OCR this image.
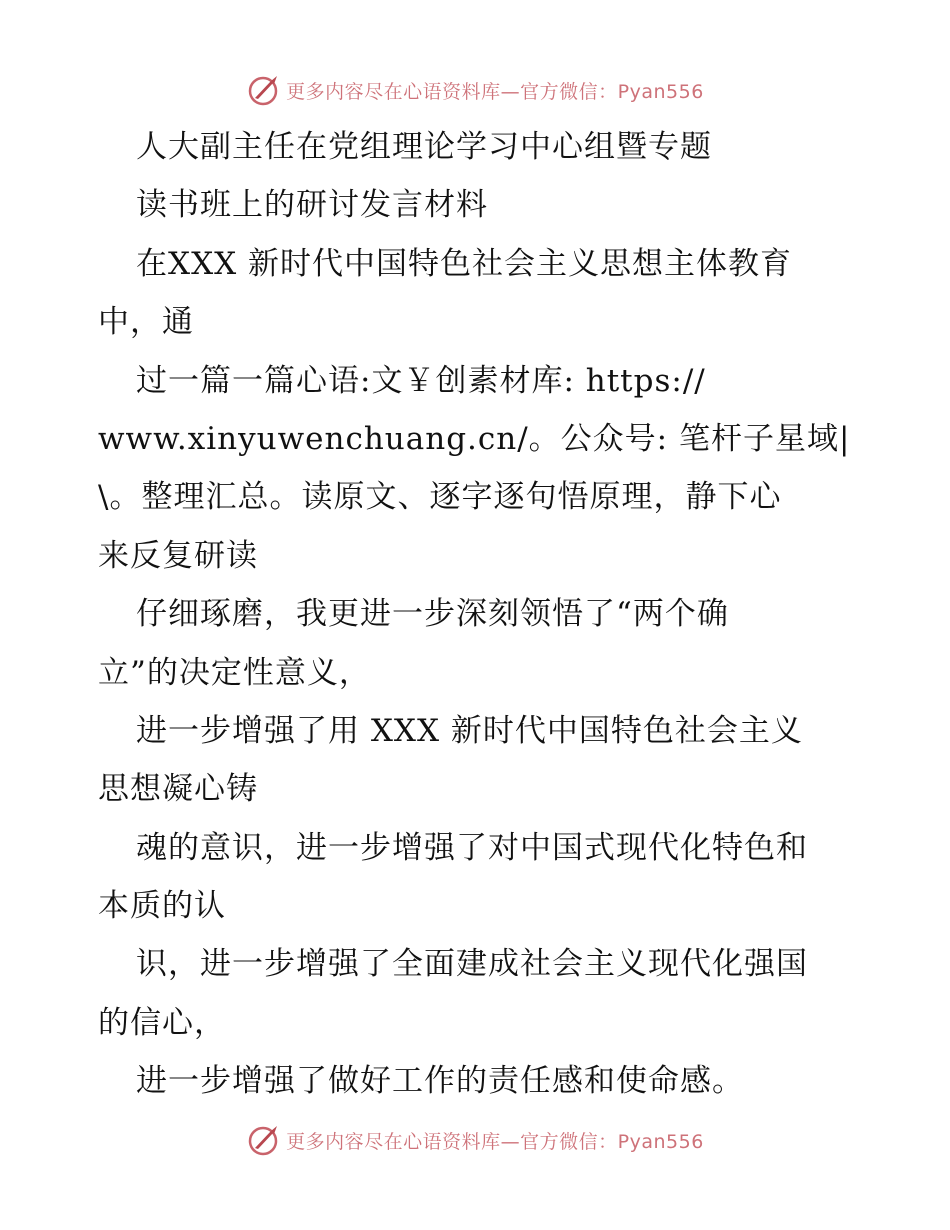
更多内容尽在心语资料库—官方微信：Pyan556
人大副主任在党组理论学习中心组暨专题
读书班上的研讨发言材料
在XXX 新时代中国特色社会主义思想主体教育
中，通
过一篇一篇心语:文￥创素材库: https://
www.xinyuwenchuang.cn/。公众号: 笔杆子星域|
\。整理汇总。读原文、逐字逐句悟原理，静下心
来反复研读
仔细琢磨，我更进一步深刻领悟了“两个确
立”的决定性意义，
进一步增强了用 XXX 新时代中国特色社会主义
思想凝心铸
魂的意识，进一步增强了对中国式现代化特色和
本质的认
识，进一步增强了全面建成社会主义现代化强国
的信心，
进一步增强了做好工作的责任感和使命感。
更多内容尽在心语资料库—官方微信：Pyan556
